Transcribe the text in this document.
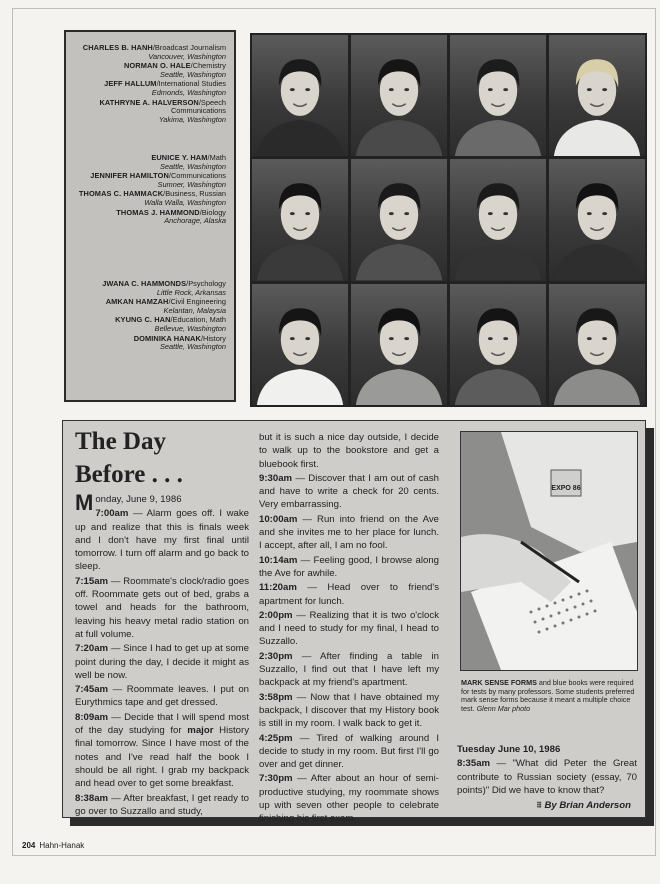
CHARLES B. HANH/Broadcast Journalism
Vancouver, Washington
NORMAN O. HALE/Chemistry
Seattle, Washington
JEFF HALLUM/International Studies
Edmonds, Washington
KATHRYNE A. HALVERSON/Speech Communications
Yakima, Washington
EUNICE Y. HAM/Math
Seattle, Washington
JENNIFER HAMILTON/Communications
Sumner, Washington
THOMAS C. HAMMACK/Business, Russian
Walla Walla, Washington
THOMAS J. HAMMOND/Biology
Anchorage, Alaska
JWANA C. HAMMONDS/Psychology
Little Rock, Arkansas
AMKAN HAMZAH/Civil Engineering
Kelantan, Malaysia
KYUNG C. HAN/Education, Math
Bellevue, Washington
DOMINIKA HANAK/History
Seattle, Washington
The Day
Before . . .

Monday, June 9, 1986

7:00am — Alarm goes off. I wake up and realize that this is finals week and I don't have my first final until tomorrow. I turn off alarm and go back to sleep.

7:15am — Roommate's clock/radio goes off. Roommate gets out of bed, grabs a towel and heads for the bathroom, leaving his heavy metal radio station on at full volume.

7:20am — Since I had to get up at some point during the day, I decide it might as well be now.

7:45am — Roommate leaves. I put on Eurythmics tape and get dressed.

8:09am — Decide that I will spend most of the day studying for major History final tomorrow. Since I have most of the notes and I've read half the book I should be all right. I grab my backpack and head over to get some breakfast.

8:38am — After breakfast, I get ready to go over to Suzzallo and study,

but it is such a nice day outside, I decide to walk up to the bookstore and get a bluebook first.

9:30am — Discover that I am out of cash and have to write a check for 20 cents. Very embarrassing.

10:00am — Run into friend on the Ave and she invites me to her place for lunch. I accept, after all, I am no fool.

10:14am — Feeling good, I browse along the Ave for awhile.

11:20am — Head over to friend's apartment for lunch.

2:00pm — Realizing that it is two o'clock and I need to study for my final, I head to Suzzallo.

2:30pm — After finding a table in Suzzallo, I find out that I have left my backpack at my friend's apartment.

3:58pm — Now that I have obtained my backpack, I discover that my History book is still in my room. I walk back to get it.

4:25pm — Tired of walking around I decide to study in my room. But first I'll go over and get dinner.

7:30pm — After about an hour of semi-productive studying, my roommate shows up with seven other people to celebrate finishing his first exam.

EXPO 86
MARK SENSE FORMS and blue books were required for tests by many professors. Some students preferred mark sense forms because it meant a multiple choice test. Glenn Mar photo

Tuesday June 10, 1986

8:35am — "What did Peter the Great contribute to Russian society (essay, 70 points)" Did we have to know that?

⩩ By Brian Anderson
204 Hahn-Hanak
